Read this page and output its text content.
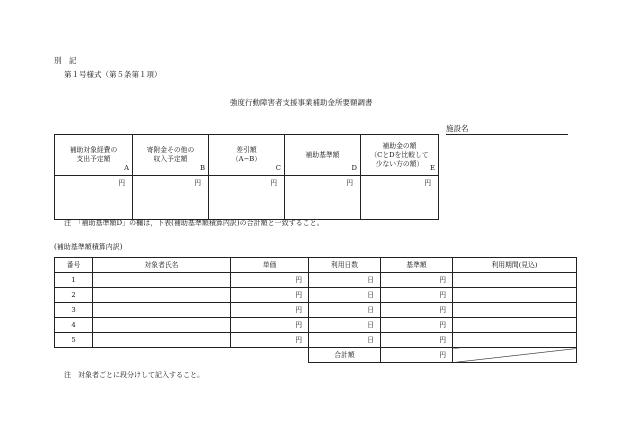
別　記
第１号様式（第５条第１項）
強度行動障害者支援事業補助金所要額調書
施設名
補助対象経費の
支出予定額
A	寄附金その他の
収入予定額
B	差引額
（A−B）
C	補助基準額
D	補助金の額
（CとDを比較して
少ない方の額）
E

円	円	円	円	円
注　「補助基準額D」の欄は，下表(補助基準額積算内訳)の合計額と一致すること。
(補助基準額積算内訳)
番号	対象者氏名	単価	利用日数	基準額	利用期間(見込)
1		円	日	円	
2		円	日	円	
3		円	日	円	
4		円	日	円	
5		円	日	円	
			合計額	円	
注　対象者ごとに段分けして記入すること。
